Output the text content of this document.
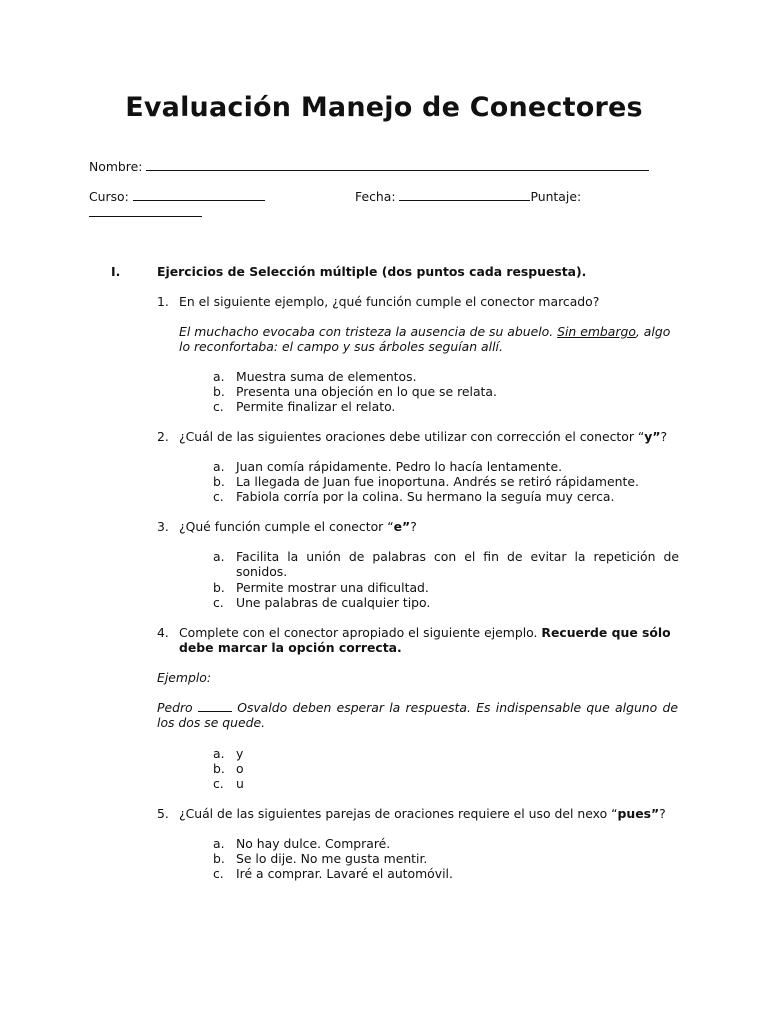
Evaluación Manejo de Conectores
Nombre:
Curso:	Fecha:	Puntaje:
I.	Ejercicios de Selección múltiple (dos puntos cada respuesta).
1. En el siguiente ejemplo, ¿qué función cumple el conector marcado?
El muchacho evocaba con tristeza la ausencia de su abuelo. Sin embargo, algo
lo reconfortaba: el campo y sus árboles seguían allí.
a. Muestra suma de elementos.
b. Presenta una objeción en lo que se relata.
c. Permite finalizar el relato.
2. ¿Cuál de las siguientes oraciones debe utilizar con corrección el conector “y”?
a. Juan comía rápidamente. Pedro lo hacía lentamente.
b. La llegada de Juan fue inoportuna. Andrés se retiró rápidamente.
c. Fabiola corría por la colina. Su hermano la seguía muy cerca.
3. ¿Qué función cumple el conector “e”?
a. Facilita la unión de palabras con el fin de evitar la repetición de sonidos.
b. Permite mostrar una dificultad.
c. Une palabras de cualquier tipo.
4. Complete con el conector apropiado el siguiente ejemplo. Recuerde que sólo
debe marcar la opción correcta.
Ejemplo:
Pedro	Osvaldo deben esperar la respuesta. Es indispensable que alguno de los dos se quede.
a. y
b. o
c. u
5. ¿Cuál de las siguientes parejas de oraciones requiere el uso del nexo “pues”?
a. No hay dulce. Compraré.
b. Se lo dije. No me gusta mentir.
c. Iré a comprar. Lavaré el automóvil.
